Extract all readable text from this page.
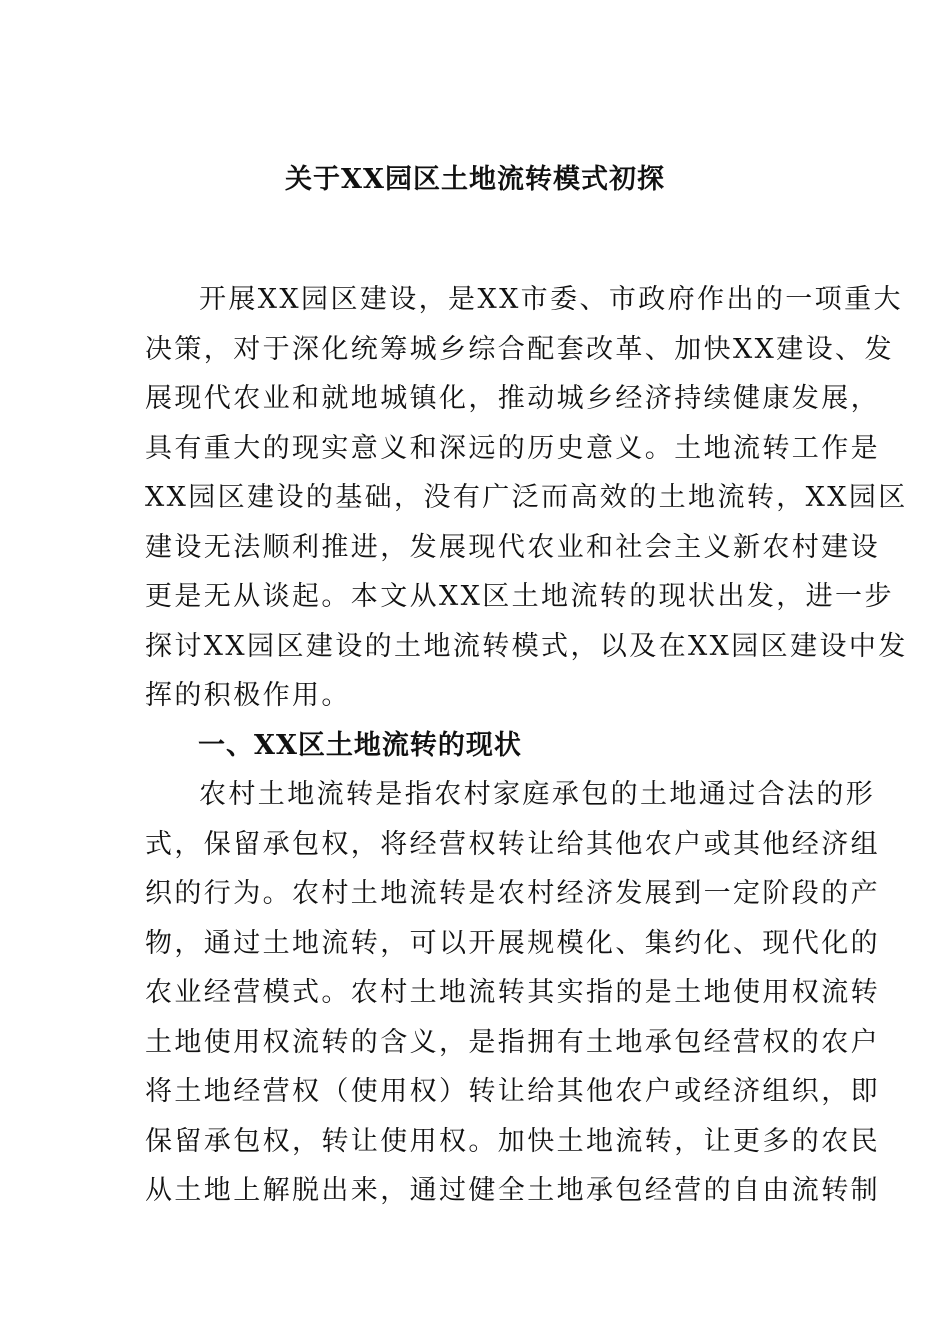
关于XX园区土地流转模式初探
开展XX园区建设，是XX市委、市政府作出的一项重大
决策，对于深化统筹城乡综合配套改革、加快XX建设、发
展现代农业和就地城镇化，推动城乡经济持续健康发展，
具有重大的现实意义和深远的历史意义。土地流转工作是
XX园区建设的基础，没有广泛而高效的土地流转，XX园区
建设无法顺利推进，发展现代农业和社会主义新农村建设
更是无从谈起。本文从XX区土地流转的现状出发，进一步
探讨XX园区建设的土地流转模式，以及在XX园区建设中发
挥的积极作用。
一、XX区土地流转的现状
农村土地流转是指农村家庭承包的土地通过合法的形
式，保留承包权，将经营权转让给其他农户或其他经济组
织的行为。农村土地流转是农村经济发展到一定阶段的产
物，通过土地流转，可以开展规模化、集约化、现代化的
农业经营模式。农村土地流转其实指的是土地使用权流转
土地使用权流转的含义，是指拥有土地承包经营权的农户
将土地经营权（使用权）转让给其他农户或经济组织，即
保留承包权，转让使用权。加快土地流转，让更多的农民
从土地上解脱出来，通过健全土地承包经营的自由流转制
